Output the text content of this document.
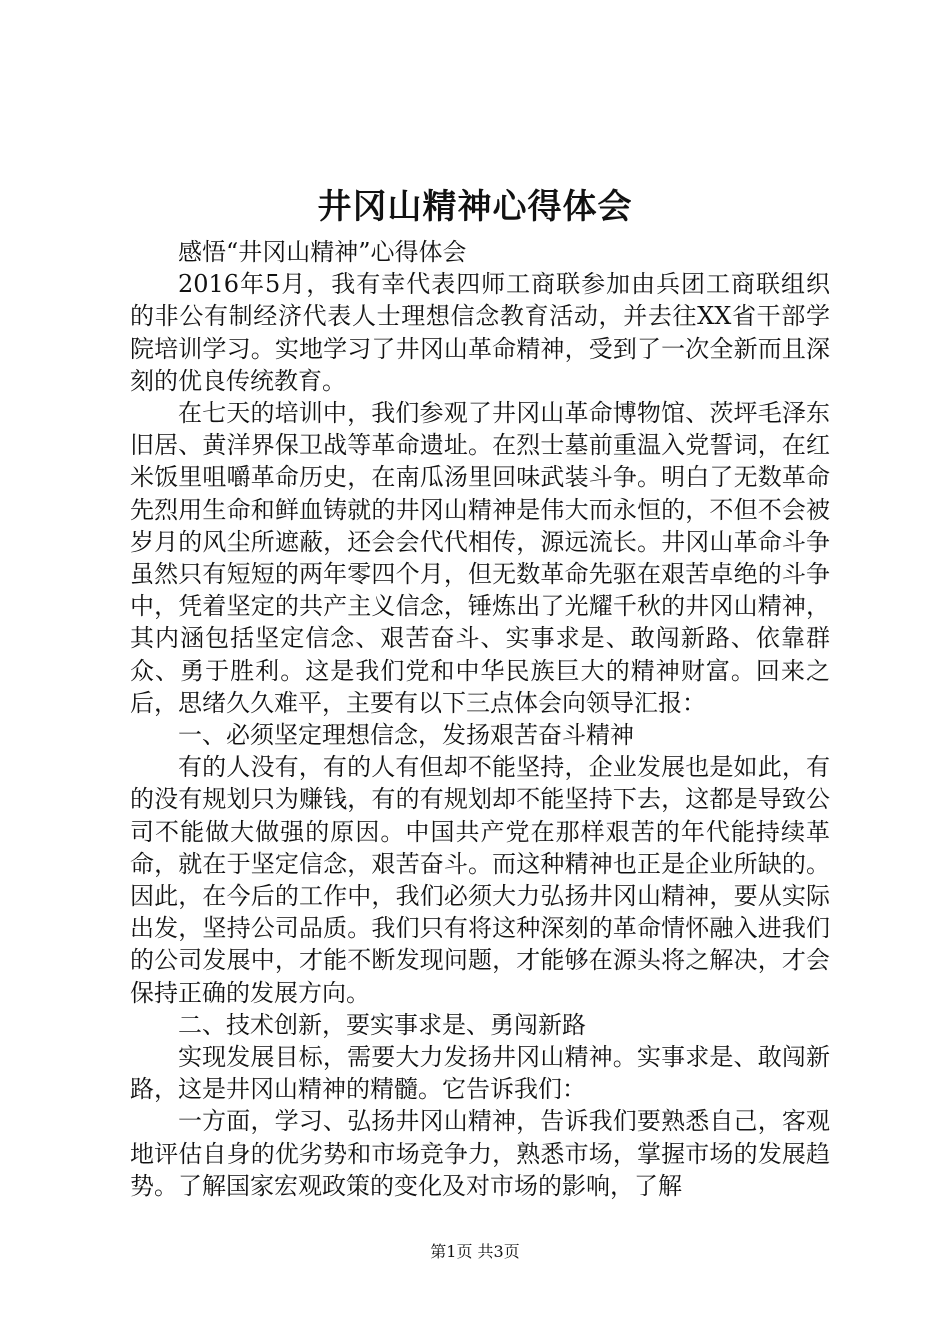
井冈山精神心得体会

感悟“井冈山精神”心得体会

2016年5月，我有幸代表四师工商联参加由兵团工商联组织的非公有制经济代表人士理想信念教育活动，并去往XX省干部学院培训学习。实地学习了井冈山革命精神，受到了一次全新而且深刻的优良传统教育。

在七天的培训中，我们参观了井冈山革命博物馆、茨坪毛泽东旧居、黄洋界保卫战等革命遗址。在烈士墓前重温入党誓词，在红米饭里咀嚼革命历史，在南瓜汤里回味武装斗争。明白了无数革命先烈用生命和鲜血铸就的井冈山精神是伟大而永恒的，不但不会被岁月的风尘所遮蔽，还会会代代相传，源远流长。井冈山革命斗争虽然只有短短的两年零四个月，但无数革命先驱在艰苦卓绝的斗争中，凭着坚定的共产主义信念，锤炼出了光耀千秋的井冈山精神，其内涵包括坚定信念、艰苦奋斗、实事求是、敢闯新路、依靠群众、勇于胜利。这是我们党和中华民族巨大的精神财富。回来之后，思绪久久难平，主要有以下三点体会向领导汇报：

一、必须坚定理想信念，发扬艰苦奋斗精神

有的人没有，有的人有但却不能坚持，企业发展也是如此，有的没有规划只为赚钱，有的有规划却不能坚持下去，这都是导致公司不能做大做强的原因。中国共产党在那样艰苦的年代能持续革命，就在于坚定信念，艰苦奋斗。而这种精神也正是企业所缺的。因此，在今后的工作中，我们必须大力弘扬井冈山精神，要从实际出发，坚持公司品质。我们只有将这种深刻的革命情怀融入进我们的公司发展中，才能不断发现问题，才能够在源头将之解决，才会保持正确的发展方向。

二、技术创新，要实事求是、勇闯新路

实现发展目标，需要大力发扬井冈山精神。实事求是、敢闯新路，这是井冈山精神的精髓。它告诉我们：

一方面，学习、弘扬井冈山精神，告诉我们要熟悉自己，客观地评估自身的优劣势和市场竞争力，熟悉市场，掌握市场的发展趋势。了解国家宏观政策的变化及对市场的影响，了解

第1页 共3页
